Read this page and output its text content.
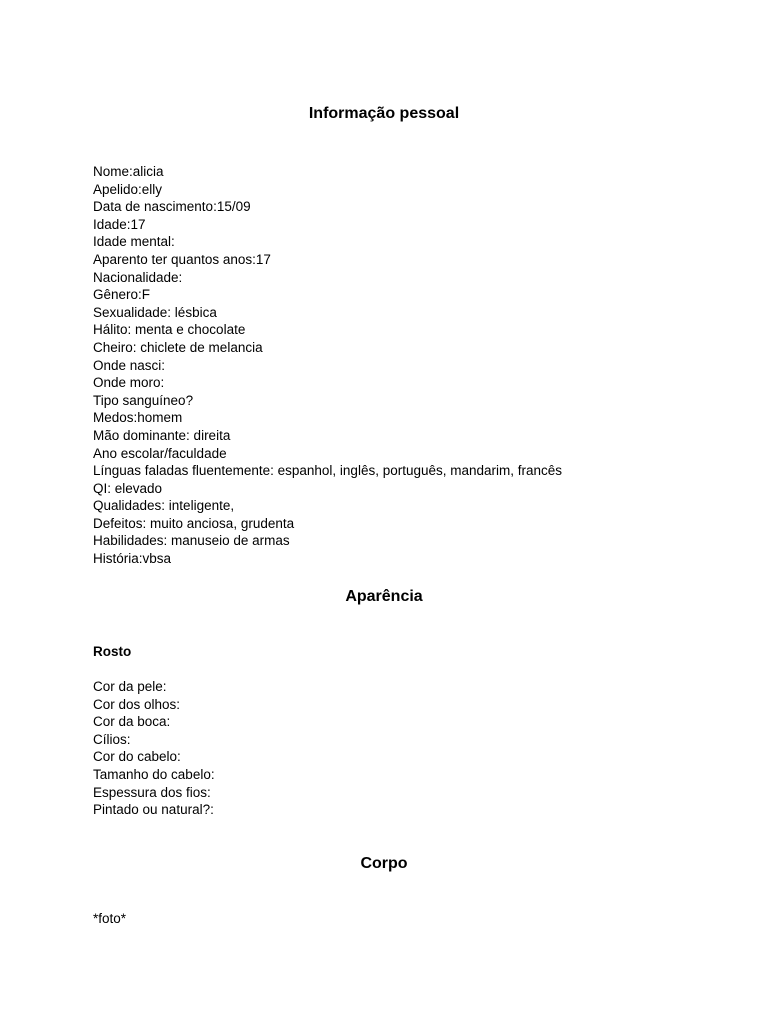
Informação pessoal
Nome:alicia
Apelido:elly
Data de nascimento:15/09
Idade:17
Idade mental:
Aparento ter quantos anos:17
Nacionalidade:
Gênero:F
Sexualidade: lésbica
Hálito: menta e chocolate
Cheiro: chiclete de melancia
Onde nasci:
Onde moro:
Tipo sanguíneo?
Medos:homem
Mão dominante: direita
Ano escolar/faculdade
Línguas faladas fluentemente: espanhol, inglês, português, mandarim, francês
QI: elevado
Qualidades: inteligente,
Defeitos: muito anciosa, grudenta
Habilidades: manuseio de armas
História:vbsa
Aparência
Rosto
Cor da pele:
Cor dos olhos:
Cor da boca:
Cílios:
Cor do cabelo:
Tamanho do cabelo:
Espessura dos fios:
Pintado ou natural?:
Corpo

*foto*
